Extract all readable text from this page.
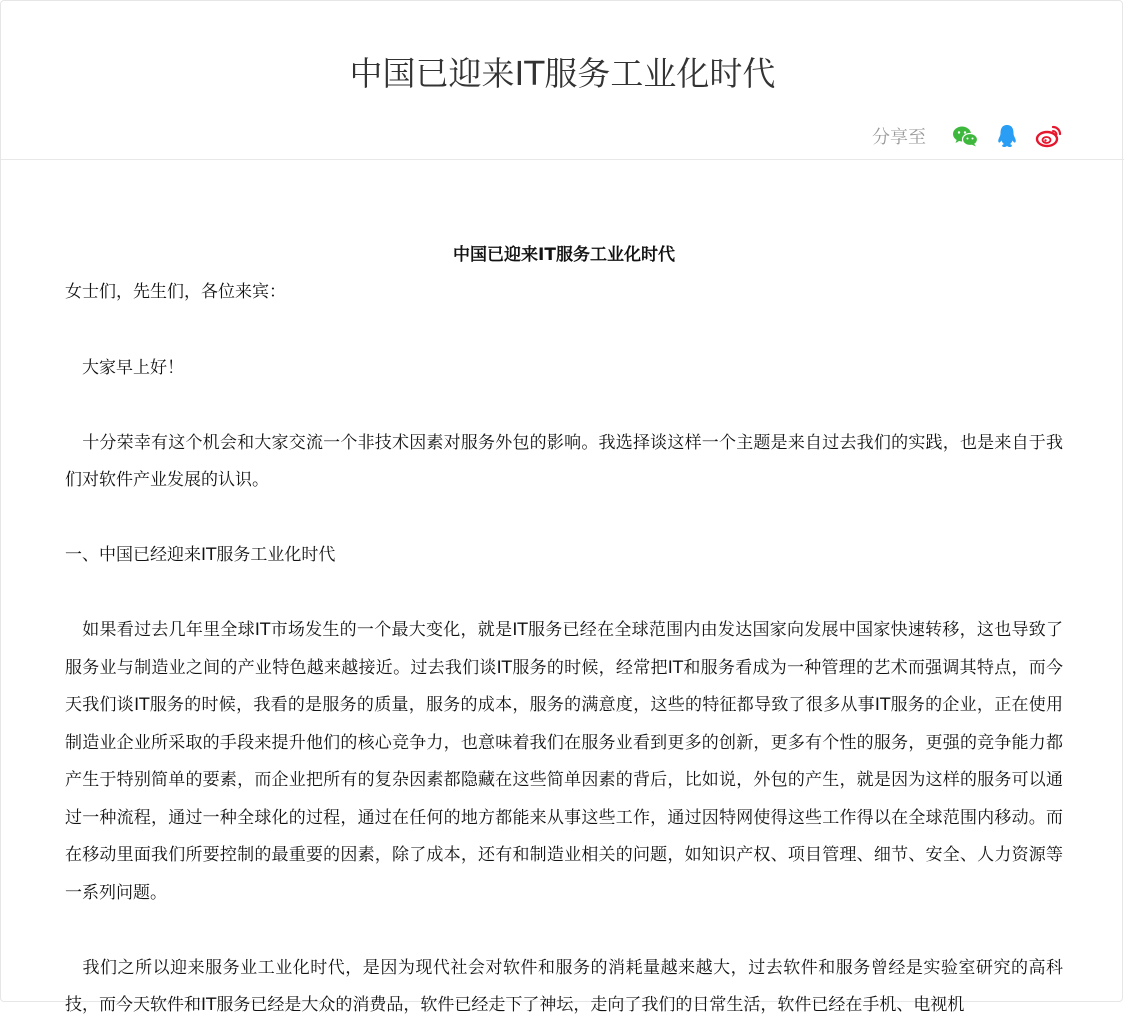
中国已迎来IT服务工业化时代
分享至

中国已迎来IT服务工业化时代

女士们，先生们，各位来宾：

　大家早上好！

　十分荣幸有这个机会和大家交流一个非技术因素对服务外包的影响。我选择谈这样一个主题是来自过去我们的实践，也是来自于我们对软件产业发展的认识。

一、中国已经迎来IT服务工业化时代

　如果看过去几年里全球IT市场发生的一个最大变化，就是IT服务已经在全球范围内由发达国家向发展中国家快速转移，这也导致了服务业与制造业之间的产业特色越来越接近。过去我们谈IT服务的时候，经常把IT和服务看成为一种管理的艺术而强调其特点，而今天我们谈IT服务的时候，我看的是服务的质量，服务的成本，服务的满意度，这些的特征都导致了很多从事IT服务的企业，正在使用制造业企业所采取的手段来提升他们的核心竞争力，也意味着我们在服务业看到更多的创新，更多有个性的服务，更强的竞争能力都产生于特别简单的要素，而企业把所有的复杂因素都隐藏在这些简单因素的背后，比如说，外包的产生，就是因为这样的服务可以通过一种流程，通过一种全球化的过程，通过在任何的地方都能来从事这些工作，通过因特网使得这些工作得以在全球范围内移动。而在移动里面我们所要控制的最重要的因素，除了成本，还有和制造业相关的问题，如知识产权、项目管理、细节、安全、人力资源等一系列问题。

　我们之所以迎来服务业工业化时代，是因为现代社会对软件和服务的消耗量越来越大，过去软件和服务曾经是实验室研究的高科技，而今天软件和IT服务已经是大众的消费品，软件已经走下了神坛，走向了我们的日常生活，软件已经在手机、电视机
